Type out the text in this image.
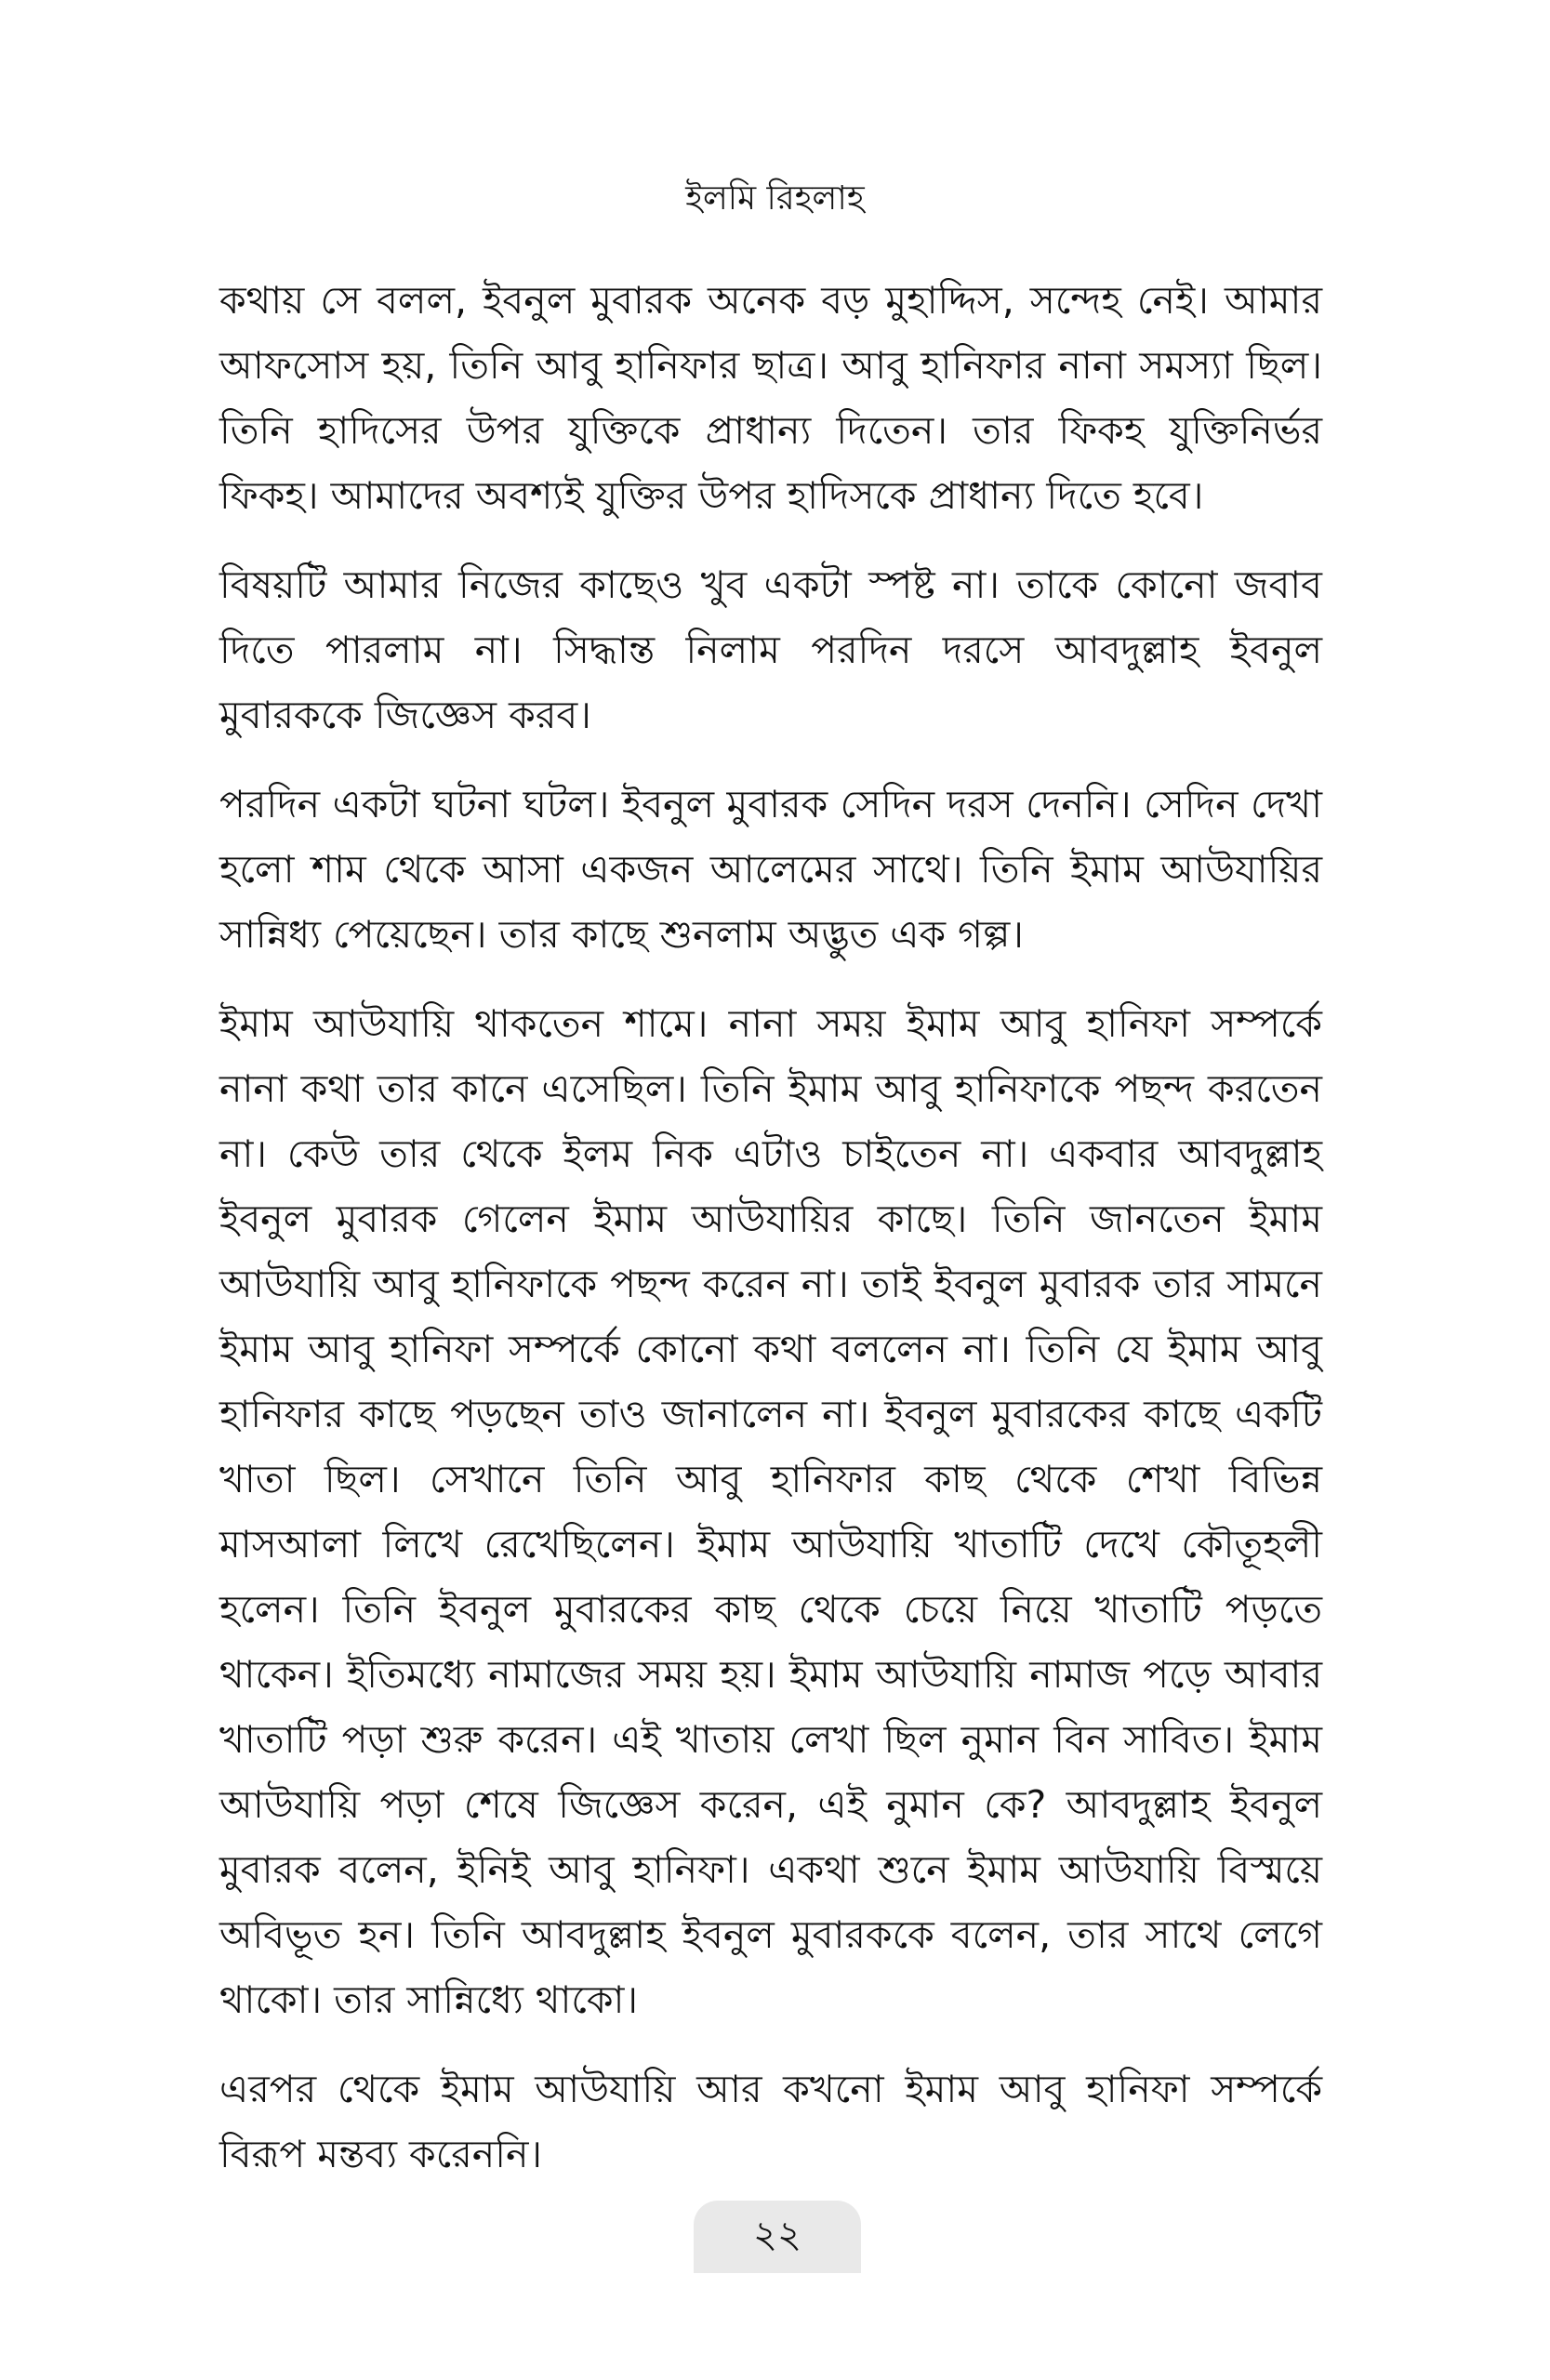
ইলমি রিহলাহ

কথায় সে বলল, ইবনুল মুবারক অনেক বড় মুহাদ্দিস, সন্দেহ নেই। আমার আফসোস হয়, তিনি আবু হানিফার ছাত্র। আবু হানিফার নানা সমস্যা ছিল। তিনি হাদিসের উপর যুক্তিকে প্রাধান্য দিতেন। তার ফিকহ যুক্তিনির্ভর ফিকহ। আমাদের অবশ্যই যুক্তির উপর হাদিসকে প্রাধান্য দিতে হবে।

বিষয়টি আমার নিজের কাছেও খুব একটা স্পষ্ট না। তাকে কোনো জবাব দিতে পারলাম না। সিদ্ধান্ত নিলাম পরদিন দরসে আবদুল্লাহ ইবনুল মুবারককে জিজ্ঞেস করব।

পরদিন একটা ঘটনা ঘটল। ইবনুল মুবারক সেদিন দরস দেননি। সেদিন দেখা হলো শাম থেকে আসা একজন আলেমের সাথে। তিনি ইমাম আউযায়ির সান্নিধ্য পেয়েছেন। তার কাছে শুনলাম অদ্ভুত এক গল্প।

ইমাম আউযায়ি থাকতেন শামে। নানা সময় ইমাম আবু হানিফা সম্পর্কে নানা কথা তার কানে এসেছিল। তিনি ইমাম আবু হানিফাকে পছন্দ করতেন না। কেউ তার থেকে ইলম নিক এটাও চাইতেন না। একবার আবদুল্লাহ ইবনুল মুবারক গেলেন ইমাম আউযায়ির কাছে। তিনি জানতেন ইমাম আউযায়ি আবু হানিফাকে পছন্দ করেন না। তাই ইবনুল মুবারক তার সামনে ইমাম আবু হানিফা সম্পর্কে কোনো কথা বললেন না। তিনি যে ইমাম আবু হানিফার কাছে পড়ছেন তাও জানালেন না। ইবনুল মুবারকের কাছে একটি খাতা ছিল। সেখানে তিনি আবু হানিফার কাছ থেকে শেখা বিভিন্ন মাসআলা লিখে রেখেছিলেন। ইমাম আউযায়ি খাতাটি দেখে কৌতূহলী হলেন। তিনি ইবনুল মুবারকের কাছ থেকে চেয়ে নিয়ে খাতাটি পড়তে থাকেন। ইতিমধ্যে নামাজের সময় হয়। ইমাম আউযায়ি নামাজ পড়ে আবার খাতাটি পড়া শুরু করেন। এই খাতায় লেখা ছিল নুমান বিন সাবিত। ইমাম আউযায়ি পড়া শেষে জিজ্ঞেস করেন, এই নুমান কে? আবদুল্লাহ ইবনুল মুবারক বলেন, ইনিই আবু হানিফা। একথা শুনে ইমাম আউযায়ি বিস্ময়ে অবিভূত হন। তিনি আবদুল্লাহ ইবনুল মুবারককে বলেন, তার সাথে লেগে থাকো। তার সান্নিধ্যে থাকো।

এরপর থেকে ইমাম আউযায়ি আর কখনো ইমাম আবু হানিফা সম্পর্কে বিরূপ মন্তব্য করেননি।

২২
